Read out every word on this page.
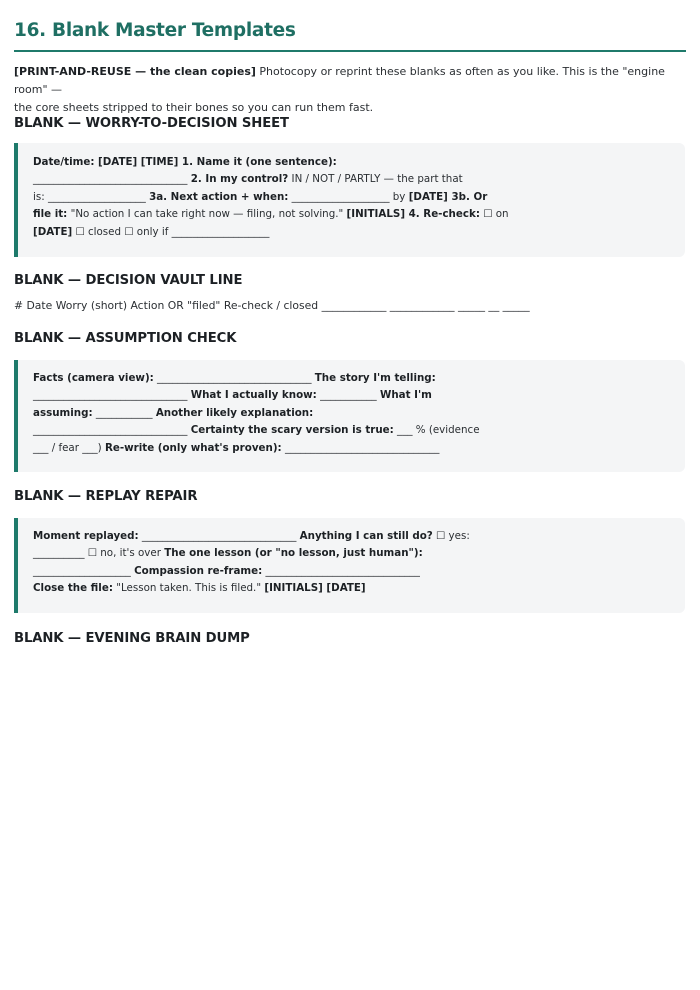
16. Blank Master Templates
[PRINT-AND-REUSE — the clean copies] Photocopy or reprint these blanks as often as you like. This is the "engine room" —
the core sheets stripped to their bones so you can run them fast.
BLANK — WORRY-TO-DECISION SHEET
Date/time: [DATE] [TIME] 1. Name it (one sentence):
______________________________ 2. In my control? IN / NOT / PARTLY — the part that
is: ___________________ 3a. Next action + when: ___________________ by [DATE] 3b. Or
file it: "No action I can take right now — filing, not solving." [INITIALS] 4. Re-check: ☐ on
[DATE] ☐ closed ☐ only if ___________________
BLANK — DECISION VAULT LINE
# Date Worry (short) Action OR "filed" Re-check / closed ____________ ____________ _____ __ _____
BLANK — ASSUMPTION CHECK
Facts (camera view): ______________________________ The story I'm telling:
______________________________ What I actually know: ___________ What I'm
assuming: ___________ Another likely explanation:
______________________________ Certainty the scary version is true: ___ % (evidence
___ / fear ___) Re-write (only what's proven): ______________________________
BLANK — REPLAY REPAIR
Moment replayed: ______________________________ Anything I can still do? ☐ yes:
__________ ☐ no, it's over The one lesson (or "no lesson, just human"):
___________________ Compassion re-frame: ______________________________
Close the file: "Lesson taken. This is filed." [INITIALS] [DATE]
BLANK — EVENING BRAIN DUMP
